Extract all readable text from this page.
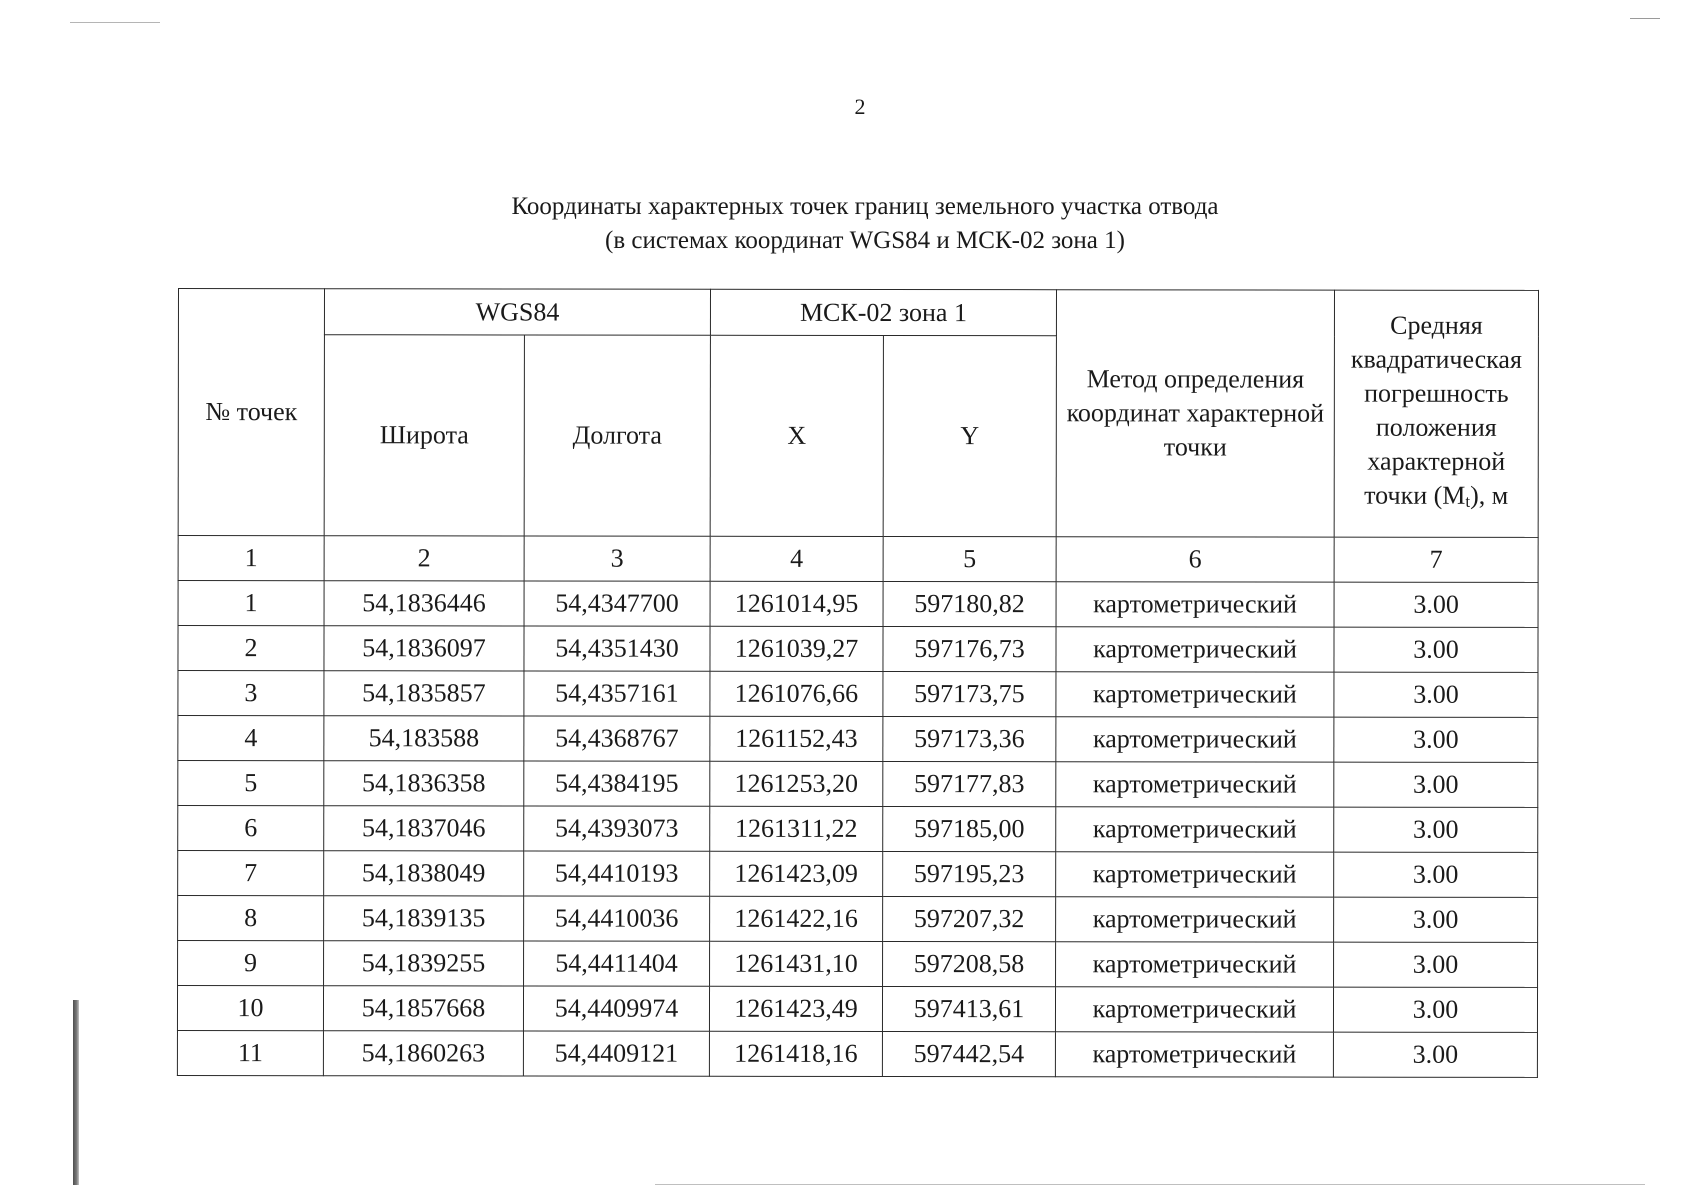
2
Координаты характерных точек границ земельного участка отвода
(в системах координат WGS84 и МСК-02 зона 1)
№ точек	WGS84		МСК-02 зона 1		Метод определения координат характерной точки	Средняя квадратическая погрешность положения характерной точки (Mt), м
	Широта	Долгота	X	Y		
1	2	3	4	5	6	7
1	54,1836446	54,4347700	1261014,95	597180,82	картометрический	3.00
2	54,1836097	54,4351430	1261039,27	597176,73	картометрический	3.00
3	54,1835857	54,4357161	1261076,66	597173,75	картометрический	3.00
4	54,183588	54,4368767	1261152,43	597173,36	картометрический	3.00
5	54,1836358	54,4384195	1261253,20	597177,83	картометрический	3.00
6	54,1837046	54,4393073	1261311,22	597185,00	картометрический	3.00
7	54,1838049	54,4410193	1261423,09	597195,23	картометрический	3.00
8	54,1839135	54,4410036	1261422,16	597207,32	картометрический	3.00
9	54,1839255	54,4411404	1261431,10	597208,58	картометрический	3.00
10	54,1857668	54,4409974	1261423,49	597413,61	картометрический	3.00
11	54,1860263	54,4409121	1261418,16	597442,54	картометрический	3.00
